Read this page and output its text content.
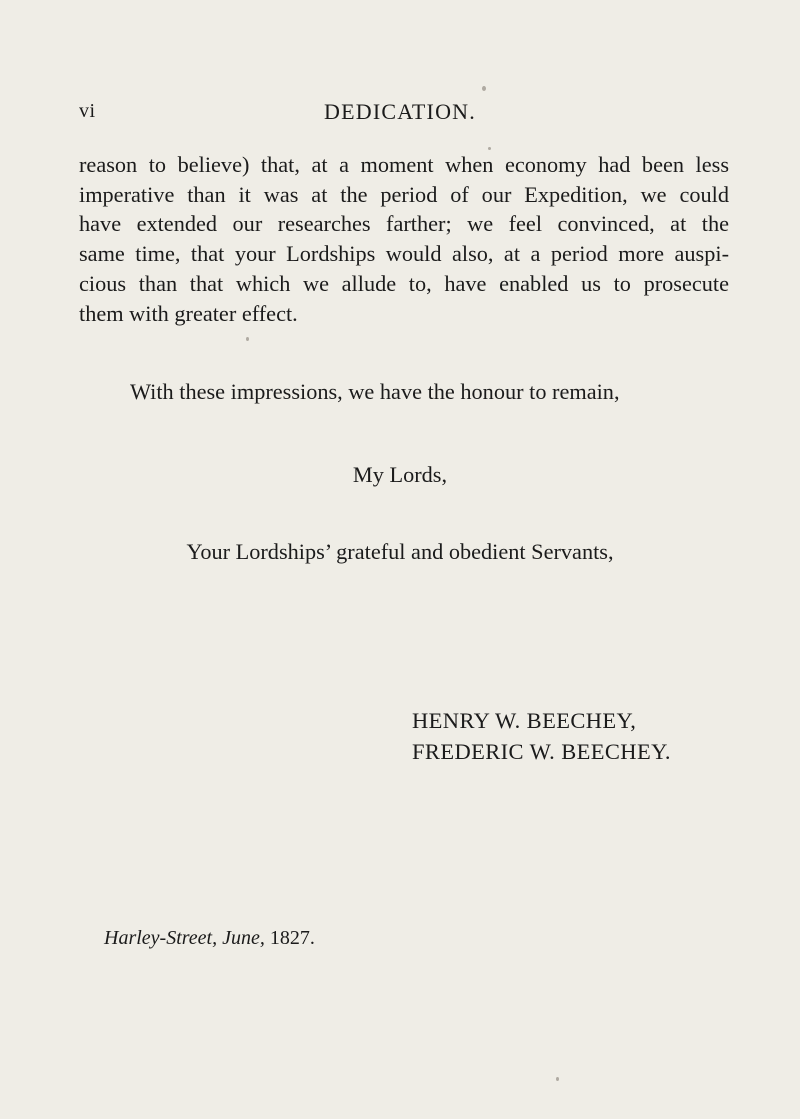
vi	DEDICATION.
reason to believe) that, at a moment when economy had been less
imperative than it was at the period of our Expedition, we could
have extended our researches farther; we feel convinced, at the
same time, that your Lordships would also, at a period more auspi-
cious than that which we allude to, have enabled us to prosecute
them with greater effect.
With these impressions, we have the honour to remain,
My Lords,
Your Lordships’ grateful and obedient Servants,
HENRY W. BEECHEY,
FREDERIC W. BEECHEY.
Harley-Street, June, 1827.
